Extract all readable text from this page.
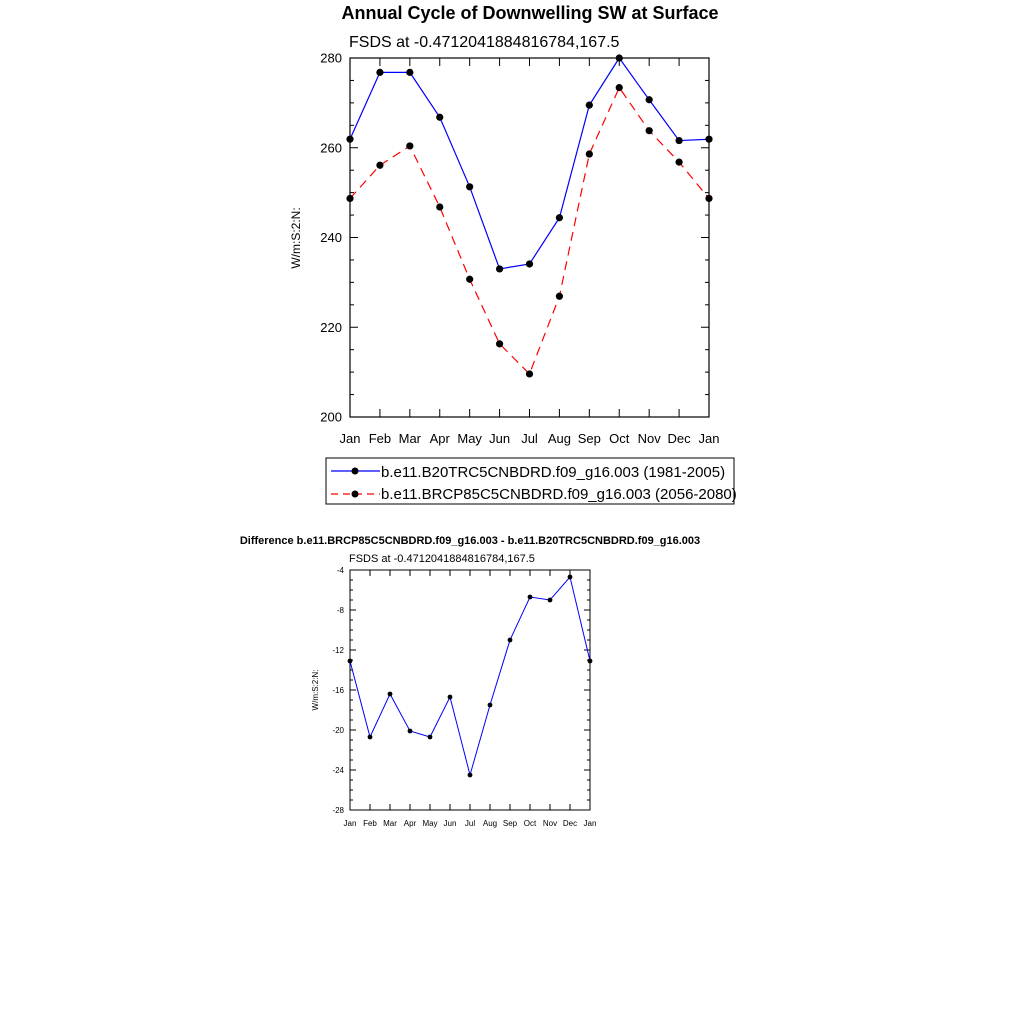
Annual Cycle of Downwelling SW at Surface
FSDS at -0.4712041884816784,167.5
W/m:S:2:N:
Jan Feb Mar Apr May Jun Jul Aug Sep Oct Nov Dec Jan
200
220
240
260
280
b.e11.B20TRC5CNBDRD.f09_g16.003 (1981-2005)
b.e11.BRCP85C5CNBDRD.f09_g16.003 (2056-2080)
Difference b.e11.BRCP85C5CNBDRD.f09_g16.003 - b.e11.B20TRC5CNBDRD.f09_g16.003
FSDS at -0.4712041884816784,167.5
W/m:S:2:N:
Jan Feb Mar Apr May Jun Jul Aug Sep Oct Nov Dec Jan
-28
-24
-20
-16
-12
-8
-4
